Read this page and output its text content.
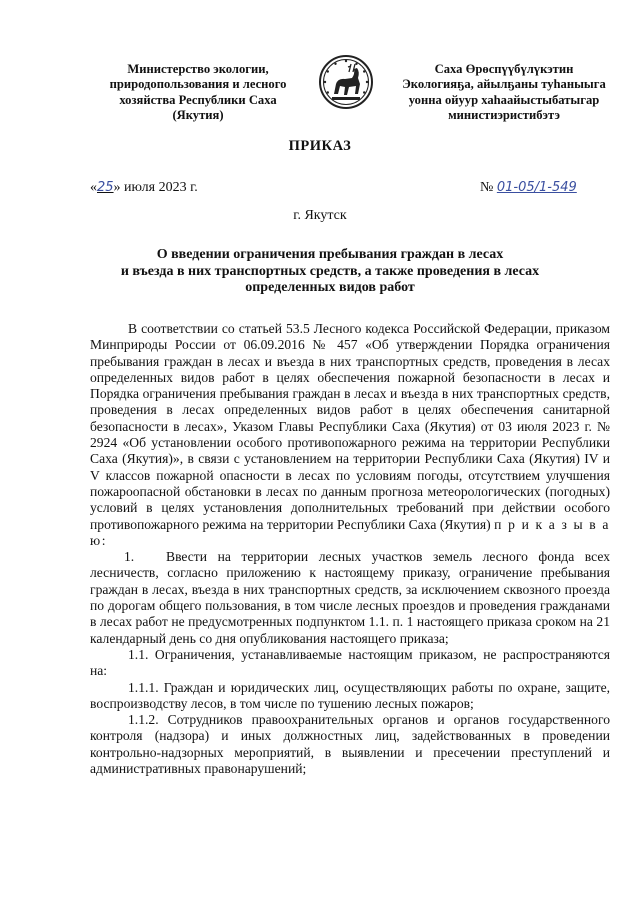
Министерство экологии,
природопользования и лесного
хозяйства Республики Саха
(Якутия)
Саха Өрөспүүбүлүкэтин
Экологияҕа, айылҕаны туһаныыга
уонна ойуур хаһаайыстыбатыгар
министиэристибэтэ
ПРИКАЗ
«25» июля 2023 г.	№ 01-05/1-549
г. Якутск
О введении ограничения пребывания граждан в лесах
и въезда в них транспортных средств, а также проведения в лесах
определенных видов работ

В соответствии со статьей 53.5 Лесного кодекса Российской Федерации, приказом Минприроды России от 06.09.2016 № 457 «Об утверждении Порядка ограничения пребывания граждан в лесах и въезда в них транспортных средств, проведения в лесах определенных видов работ в целях обеспечения пожарной безопасности в лесах и Порядка ограничения пребывания граждан в лесах и въезда в них транспортных средств, проведения в лесах определенных видов работ в целях обеспечения санитарной безопасности в лесах», Указом Главы Республики Саха (Якутия) от 03 июля 2023 г. № 2924 «Об установлении особого противопожарного режима на территории Республики Саха (Якутия)», в связи с установлением на территории Республики Саха (Якутия) IV и V классов пожарной опасности в лесах по условиям погоды, отсутствием улучшения пожароопасной обстановки в лесах по данным прогноза метеорологических (погодных) условий в целях установления дополнительных требований при действии особого противопожарного режима на территории Республики Саха (Якутия) п р и к а з ы в а ю:

1. Ввести на территории лесных участков земель лесного фонда всех лесничеств, согласно приложению к настоящему приказу, ограничение пребывания граждан в лесах, въезда в них транспортных средств, за исключением сквозного проезда по дорогам общего пользования, в том числе лесных проездов и проведения гражданами в лесах работ не предусмотренных подпунктом 1.1. п. 1 настоящего приказа сроком на 21 календарный день со дня опубликования настоящего приказа;

1.1. Ограничения, устанавливаемые настоящим приказом, не распространяются на:

1.1.1. Граждан и юридических лиц, осуществляющих работы по охране, защите, воспроизводству лесов, в том числе по тушению лесных пожаров;

1.1.2. Сотрудников правоохранительных органов и органов государственного контроля (надзора) и иных должностных лиц, задействованных в проведении контрольно-надзорных мероприятий, в выявлении и пресечении преступлений и административных правонарушений;
